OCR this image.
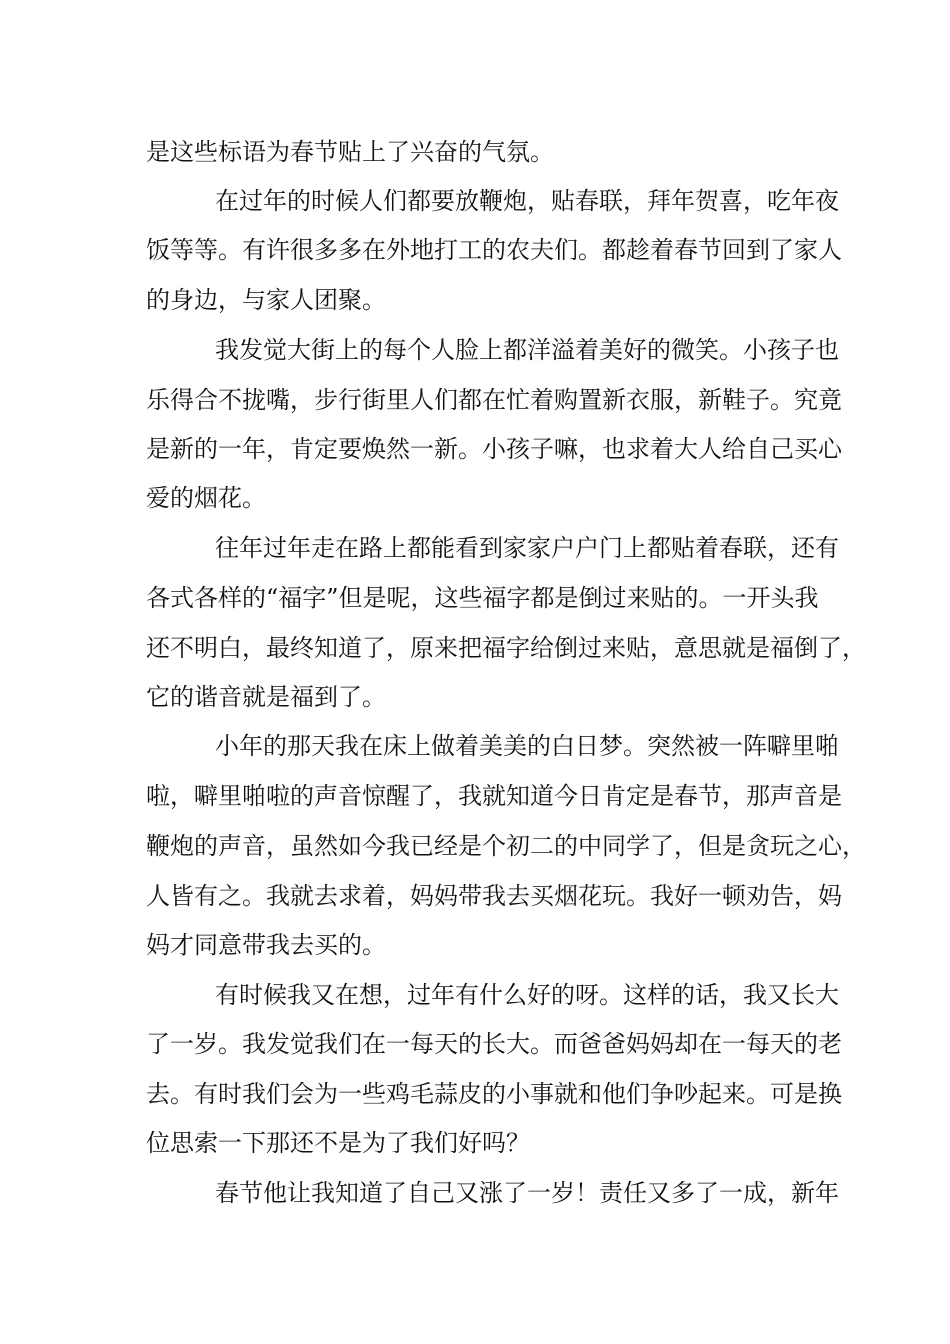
是这些标语为春节贴上了兴奋的气氛。
在过年的时候人们都要放鞭炮，贴春联，拜年贺喜，吃年夜
饭等等。有许很多多在外地打工的农夫们。都趁着春节回到了家人
的身边，与家人团聚。
我发觉大街上的每个人脸上都洋溢着美好的微笑。小孩子也
乐得合不拢嘴，步行街里人们都在忙着购置新衣服，新鞋子。究竟
是新的一年，肯定要焕然一新。小孩子嘛，也求着大人给自己买心
爱的烟花。
往年过年走在路上都能看到家家户户门上都贴着春联，还有
各式各样的“福字”但是呢，这些福字都是倒过来贴的。一开头我
还不明白，最终知道了，原来把福字给倒过来贴，意思就是福倒了，
它的谐音就是福到了。
小年的那天我在床上做着美美的白日梦。突然被一阵噼里啪
啦，噼里啪啦的声音惊醒了，我就知道今日肯定是春节，那声音是
鞭炮的声音，虽然如今我已经是个初二的中同学了，但是贪玩之心，
人皆有之。我就去求着，妈妈带我去买烟花玩。我好一顿劝告，妈
妈才同意带我去买的。
有时候我又在想，过年有什么好的呀。这样的话，我又长大
了一岁。我发觉我们在一每天的长大。而爸爸妈妈却在一每天的老
去。有时我们会为一些鸡毛蒜皮的小事就和他们争吵起来。可是换
位思索一下那还不是为了我们好吗？
春节他让我知道了自己又涨了一岁！责任又多了一成，新年
